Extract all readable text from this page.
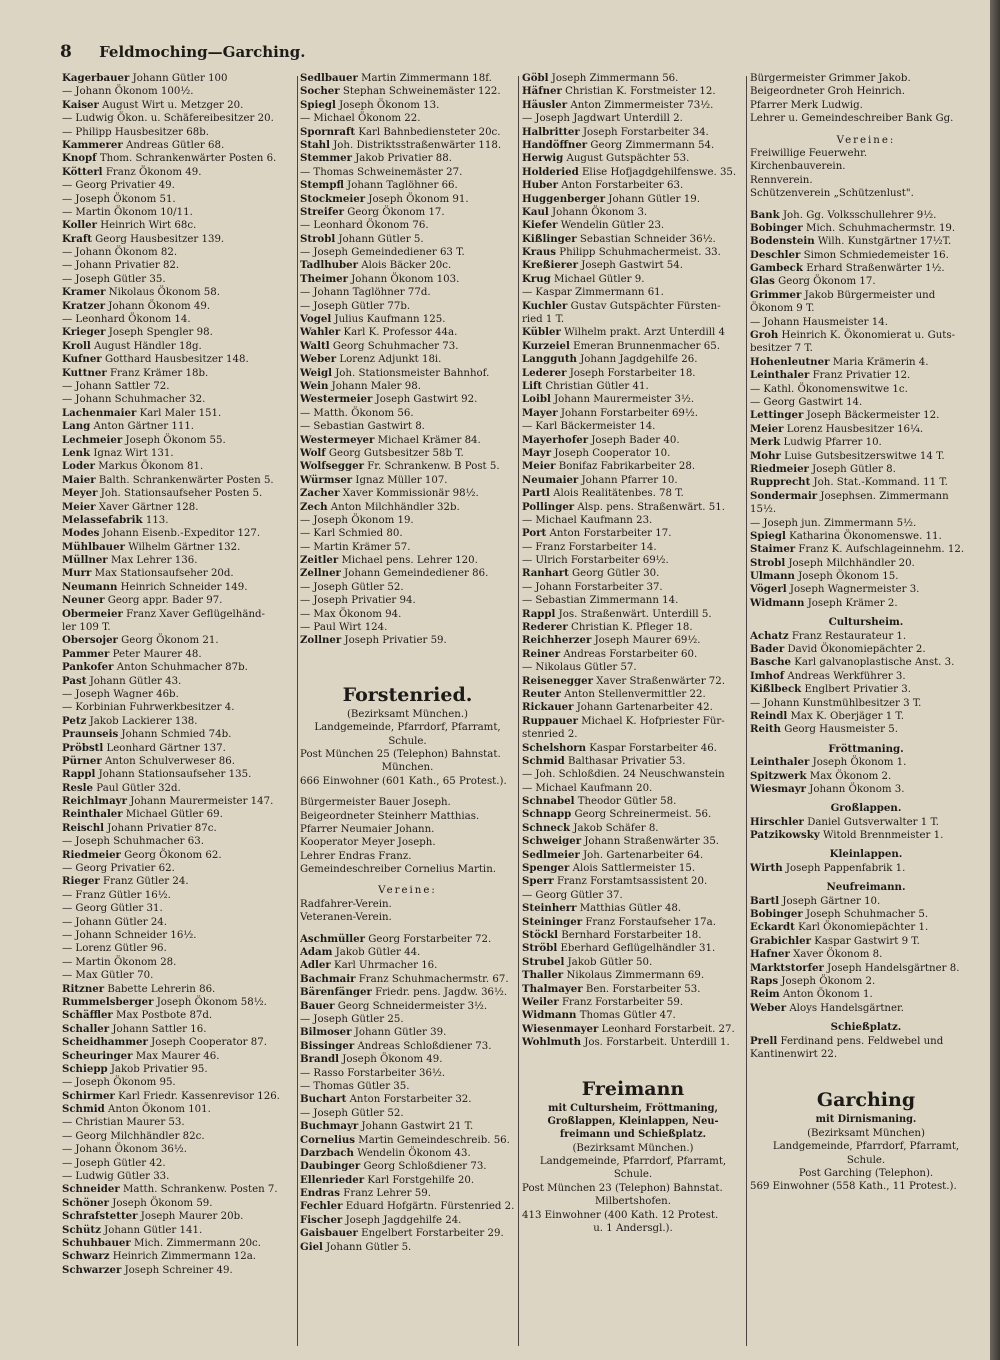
8 Feldmoching—Garching.
Kagerbauer Johann Gütler 100
— Johann Ökonom 100½.
Kaiser August Wirt u. Metzger 20.
— Ludwig Ökon. u. Schäfereibesitzer 20.
— Philipp Hausbesitzer 68b.
Kammerer Andreas Gütler 68.
Knopf Thom. Schrankenwärter Posten 6.
Kötterl Franz Ökonom 49.
— Georg Privatier 49.
— Joseph Ökonom 51.
— Martin Ökonom 10/11.
Koller Heinrich Wirt 68c.
Kraft Georg Hausbesitzer 139.
— Johann Ökonom 82.
— Johann Privatier 82.
— Joseph Gütler 35.
Kramer Nikolaus Ökonom 58.
Kratzer Johann Ökonom 49.
— Leonhard Ökonom 14.
Krieger Joseph Spengler 98.
Kroll August Händler 18g.
Kufner Gotthard Hausbesitzer 148.
Kuttner Franz Krämer 18b.
— Johann Sattler 72.
— Johann Schuhmacher 32.
Lachenmaier Karl Maler 151.
Lang Anton Gärtner 111.
Lechmeier Joseph Ökonom 55.
Lenk Ignaz Wirt 131.
Loder Markus Ökonom 81.
Maier Balth. Schrankenwärter Posten 5.
Meyer Joh. Stationsaufseher Posten 5.
Meier Xaver Gärtner 128.
Melassefabrik 113.
Modes Johann Eisenb.-Expeditor 127.
Mühlbauer Wilhelm Gärtner 132.
Müllner Max Lehrer 136.
Murr Max Stationsaufseher 20d.
Neumann Heinrich Schneider 149.
Neuner Georg appr. Bader 97.
Obermeier Franz Xaver Geflügelhänd-
ler 109 T.
Obersojer Georg Ökonom 21.
Pammer Peter Maurer 48.
Pankofer Anton Schuhmacher 87b.
Past Johann Gütler 43.
— Joseph Wagner 46b.
— Korbinian Fuhrwerkbesitzer 4.
Petz Jakob Lackierer 138.
Praunseis Johann Schmied 74b.
Pröbstl Leonhard Gärtner 137.
Pürner Anton Schulverweser 86.
Rappl Johann Stationsaufseher 135.
Resle Paul Gütler 32d.
Reichlmayr Johann Maurermeister 147.
Reinthaler Michael Gütler 69.
Reischl Johann Privatier 87c.
— Joseph Schuhmacher 63.
Riedmeier Georg Ökonom 62.
— Georg Privatier 62.
Rieger Franz Gütler 24.
— Franz Gütler 16½.
— Georg Gütler 31.
— Johann Gütler 24.
— Johann Schneider 16½.
— Lorenz Gütler 96.
— Martin Ökonom 28.
— Max Gütler 70.
Ritzner Babette Lehrerin 86.
Rummelsberger Joseph Ökonom 58½.
Schäffler Max Postbote 87d.
Schaller Johann Sattler 16.
Scheidhammer Joseph Cooperator 87.
Scheuringer Max Maurer 46.
Schiepp Jakob Privatier 95.
— Joseph Ökonom 95.
Schirmer Karl Friedr. Kassenrevisor 126.
Schmid Anton Ökonom 101.
— Christian Maurer 53.
— Georg Milchhändler 82c.
— Johann Ökonom 36½.
— Joseph Gütler 42.
— Ludwig Gütler 33.
Schneider Matth. Schrankenw. Posten 7.
Schöner Joseph Ökonom 59.
Schrafstetter Joseph Maurer 20b.
Schütz Johann Gütler 141.
Schuhbauer Mich. Zimmermann 20c.
Schwarz Heinrich Zimmermann 12a.
Schwarzer Joseph Schreiner 49.
Sedlbauer Martin Zimmermann 18f.
Socher Stephan Schweinemäster 122.
Spiegl Joseph Ökonom 13.
— Michael Ökonom 22.
Spornraft Karl Bahnbediensteter 20c.
Stahl Joh. Distriktsstraßenwärter 118.
Stemmer Jakob Privatier 88.
— Thomas Schweinemäster 27.
Stempfl Johann Taglöhner 66.
Stockmeier Joseph Ökonom 91.
Streifer Georg Ökonom 17.
— Leonhard Ökonom 76.
Strobl Johann Gütler 5.
— Joseph Gemeindediener 63 T.
Tadlhuber Alois Bäcker 20c.
Theimer Johann Ökonom 103.
— Johann Taglöhner 77d.
— Joseph Gütler 77b.
Vogel Julius Kaufmann 125.
Wahler Karl K. Professor 44a.
Waltl Georg Schuhmacher 73.
Weber Lorenz Adjunkt 18i.
Weigl Joh. Stationsmeister Bahnhof.
Wein Johann Maler 98.
Westermeier Joseph Gastwirt 92.
— Matth. Ökonom 56.
— Sebastian Gastwirt 8.
Westermeyer Michael Krämer 84.
Wolf Georg Gutsbesitzer 58b T.
Wolfsegger Fr. Schrankenw. B Post 5.
Würmser Ignaz Müller 107.
Zacher Xaver Kommissionär 98½.
Zech Anton Milchhändler 32b.
— Joseph Ökonom 19.
— Karl Schmied 80.
— Martin Krämer 57.
Zeitler Michael pens. Lehrer 120.
Zellner Johann Gemeindediener 86.
— Joseph Gütler 52.
— Joseph Privatier 94.
— Max Ökonom 94.
— Paul Wirt 124.
Zollner Joseph Privatier 59.
Forstenried.
(Bezirksamt München.)
Landgemeinde, Pfarrdorf, Pfarramt,
Schule.
Post München 25 (Telephon) Bahnstat.
München.
666 Einwohner (601 Kath., 65 Protest.).
Bürgermeister Bauer Joseph.
Beigeordneter Steinherr Matthias.
Pfarrer Neumaier Johann.
Kooperator Meyer Joseph.
Lehrer Endras Franz.
Gemeindeschreiber Cornelius Martin.
Vereine:
Radfahrer-Verein.
Veteranen-Verein.
Aschmüller Georg Forstarbeiter 72.
Adam Jakob Gütler 44.
Adler Karl Uhrmacher 16.
Bachmair Franz Schuhmachermstr. 67.
Bärenfänger Friedr. pens. Jagdw. 36½.
Bauer Georg Schneidermeister 3½.
— Joseph Gütler 25.
Bilmoser Johann Gütler 39.
Bissinger Andreas Schloßdiener 73.
Brandl Joseph Ökonom 49.
— Rasso Forstarbeiter 36½.
— Thomas Gütler 35.
Buchart Anton Forstarbeiter 32.
— Joseph Gütler 52.
Buchmayr Johann Gastwirt 21 T.
Cornelius Martin Gemeindeschreib. 56.
Darzbach Wendelin Ökonom 43.
Daubinger Georg Schloßdiener 73.
Ellenrieder Karl Forstgehilfe 20.
Endras Franz Lehrer 59.
Fechler Eduard Hofgärtn. Fürstenried 2.
Fischer Joseph Jagdgehilfe 24.
Gaisbauer Engelbert Forstarbeiter 29.
Giel Johann Gütler 5.
Göbl Joseph Zimmermann 56.
Häfner Christian K. Forstmeister 12.
Häusler Anton Zimmermeister 73½.
— Joseph Jagdwart Unterdill 2.
Halbritter Joseph Forstarbeiter 34.
Handöffner Georg Zimmermann 54.
Herwig August Gutspächter 53.
Holderied Elise Hofjagdgehilfenswe. 35.
Huber Anton Forstarbeiter 63.
Huggenberger Johann Gütler 19.
Kaul Johann Ökonom 3.
Kiefer Wendelin Gütler 23.
Kißlinger Sebastian Schneider 36½.
Kraus Philipp Schuhmachermeist. 33.
Kreßierer Joseph Gastwirt 54.
Krug Michael Gütler 9.
— Kaspar Zimmermann 61.
Kuchler Gustav Gutspächter Fürsten-
ried 1 T.
Kübler Wilhelm prakt. Arzt Unterdill 4
Kurzeiel Emeran Brunnenmacher 65.
Langguth Johann Jagdgehilfe 26.
Lederer Joseph Forstarbeiter 18.
Lift Christian Gütler 41.
Loibl Johann Maurermeister 3½.
Mayer Johann Forstarbeiter 69½.
— Karl Bäckermeister 14.
Mayerhofer Joseph Bader 40.
Mayr Joseph Cooperator 10.
Meier Bonifaz Fabrikarbeiter 28.
Neumaier Johann Pfarrer 10.
Partl Alois Realitätenbes. 78 T.
Pollinger Alsp. pens. Straßenwärt. 51.
— Michael Kaufmann 23.
Port Anton Forstarbeiter 17.
— Franz Forstarbeiter 14.
— Ulrich Forstarbeiter 69½.
Ranhart Georg Gütler 30.
— Johann Forstarbeiter 37.
— Sebastian Zimmermann 14.
Rappl Jos. Straßenwärt. Unterdill 5.
Rederer Christian K. Pfleger 18.
Reichherzer Joseph Maurer 69½.
Reiner Andreas Forstarbeiter 60.
— Nikolaus Gütler 57.
Reisenegger Xaver Straßenwärter 72.
Reuter Anton Stellenvermittler 22.
Rickauer Johann Gartenarbeiter 42.
Ruppauer Michael K. Hofpriester Für-
stenried 2.
Schelshorn Kaspar Forstarbeiter 46.
Schmid Balthasar Privatier 53.
— Joh. Schloßdien. 24 Neuschwanstein
— Michael Kaufmann 20.
Schnabel Theodor Gütler 58.
Schnapp Georg Schreinermeist. 56.
Schneck Jakob Schäfer 8.
Schweiger Johann Straßenwärter 35.
Sedlmeier Joh. Gartenarbeiter 64.
Spenger Alois Sattlermeister 15.
Sperr Franz Forstamtsassistent 20.
— Georg Gütler 37.
Steinherr Matthias Gütler 48.
Steininger Franz Forstaufseher 17a.
Stöckl Bernhard Forstarbeiter 18.
Ströbl Eberhard Geflügelhändler 31.
Strubel Jakob Gütler 50.
Thaller Nikolaus Zimmermann 69.
Thalmayer Ben. Forstarbeiter 53.
Weiler Franz Forstarbeiter 59.
Widmann Thomas Gütler 47.
Wiesenmayer Leonhard Forstarbeit. 27.
Wohlmuth Jos. Forstarbeit. Unterdill 1.
Freimann
mit Cultursheim, Fröttmaning,
Großlappen, Kleinlappen, Neu-
freimann und Schießplatz.
(Bezirksamt München.)
Landgemeinde, Pfarrdorf, Pfarramt,
Schule.
Post München 23 (Telephon) Bahnstat.
Milbertshofen.
413 Einwohner (400 Kath. 12 Protest.
u. 1 Andersgl.).
Bürgermeister Grimmer Jakob.
Beigeordneter Groh Heinrich.
Pfarrer Merk Ludwig.
Lehrer u. Gemeindeschreiber Bank Gg.
Vereine:
Freiwillige Feuerwehr.
Kirchenbauverein.
Rennverein.
Schützenverein „Schützenlust".
Bank Joh. Gg. Volksschullehrer 9½.
Bobinger Mich. Schuhmachermstr. 19.
Bodenstein Wilh. Kunstgärtner 17½T.
Deschler Simon Schmiedemeister 16.
Gambeck Erhard Straßenwärter 1½.
Glas Georg Ökonom 17.
Grimmer Jakob Bürgermeister und
Ökonom 9 T.
— Johann Hausmeister 14.
Groh Heinrich K. Ökonomierat u. Guts-
besitzer 7 T.
Hohenleutner Maria Krämerin 4.
Leinthaler Franz Privatier 12.
— Kathl. Ökonomenswitwe 1c.
— Georg Gastwirt 14.
Lettinger Joseph Bäckermeister 12.
Meier Lorenz Hausbesitzer 16¼.
Merk Ludwig Pfarrer 10.
Mohr Luise Gutsbesitzerswitwe 14 T.
Riedmeier Joseph Gütler 8.
Rupprecht Joh. Stat.-Kommand. 11 T.
Sondermair Josephsen. Zimmermann
15½.
— Joseph jun. Zimmermann 5½.
Spiegl Katharina Ökonomenswe. 11.
Staimer Franz K. Aufschlageinnehm. 12.
Strobl Joseph Milchhändler 20.
Ulmann Joseph Ökonom 15.
Vögerl Joseph Wagnermeister 3.
Widmann Joseph Krämer 2.
Cultursheim.
Achatz Franz Restaurateur 1.
Bader David Ökonomiepächter 2.
Basche Karl galvanoplastische Anst. 3.
Imhof Andreas Werkführer 3.
Kißlbeck Englbert Privatier 3.
— Johann Kunstmühlbesitzer 3 T.
Reindl Max K. Oberjäger 1 T.
Reith Georg Hausmeister 5.
Fröttmaning.
Leinthaler Joseph Ökonom 1.
Spitzwerk Max Ökonom 2.
Wiesmayr Johann Ökonom 3.
Großlappen.
Hirschler Daniel Gutsverwalter 1 T.
Patzikowsky Witold Brennmeister 1.
Kleinlappen.
Wirth Joseph Pappenfabrik 1.
Neufreimann.
Bartl Joseph Gärtner 10.
Bobinger Joseph Schuhmacher 5.
Eckardt Karl Ökonomiepächter 1.
Grabichler Kaspar Gastwirt 9 T.
Hafner Xaver Ökonom 8.
Marktstorfer Joseph Handelsgärtner 8.
Raps Joseph Ökonom 2.
Reim Anton Ökonom 1.
Weber Aloys Handelsgärtner.
Schießplatz.
Prell Ferdinand pens. Feldwebel und
Kantinenwirt 22.
Garching
mit Dirnismaning.
(Bezirksamt München)
Landgemeinde, Pfarrdorf, Pfarramt,
Schule.
Post Garching (Telephon).
569 Einwohner (558 Kath., 11 Protest.).
